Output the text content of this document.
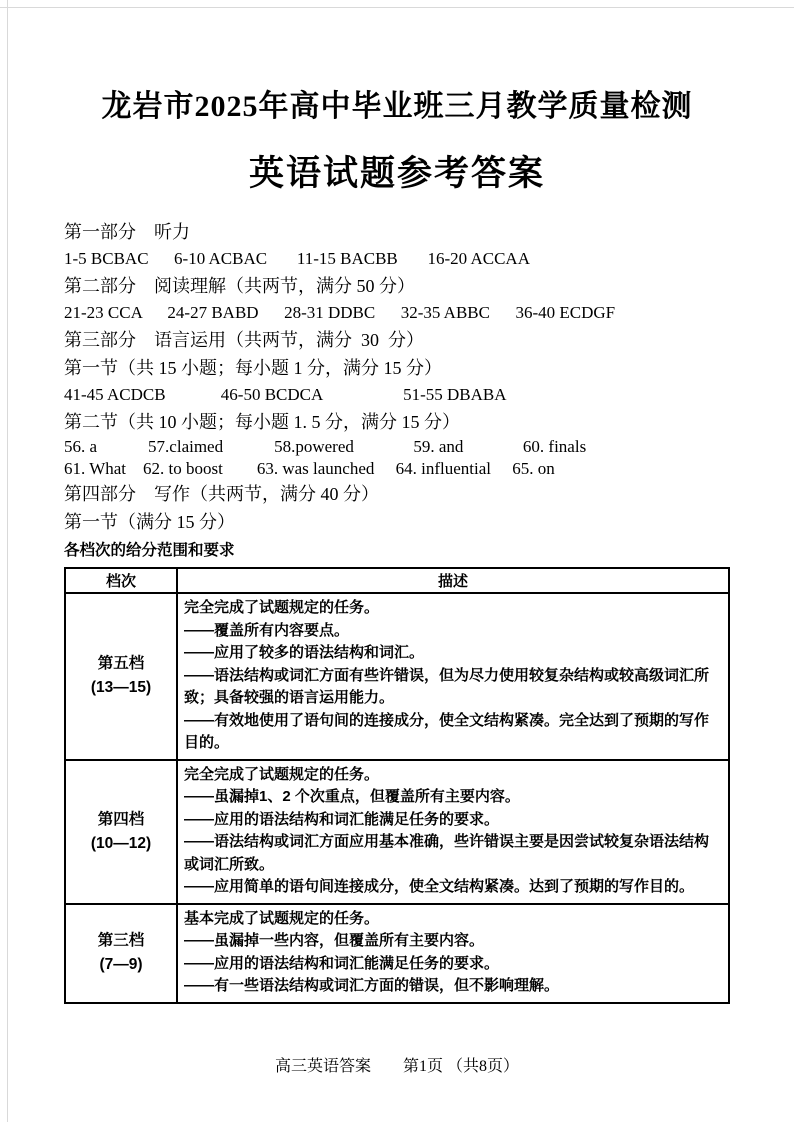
龙岩市2025年高中毕业班三月教学质量检测
英语试题参考答案
第一部分　听力
1-5 BCBAC      6-10 ACBAC       11-15 BACBB       16-20 ACCAA
第二部分　阅读理解（共两节，满分 50 分）
21-23 CCA      24-27 BABD      28-31 DDBC      32-35 ABBC      36-40 ECDGF
第三部分　语言运用（共两节，满分  30  分）
第一节（共 15 小题；每小题 1 分，满分 15 分）
41-45 ACDCB             46-50 BCDCA                   51-55 DBABA
第二节（共 10 小题；每小题 1. 5 分，满分 15 分）
56. a            57.claimed            58.powered              59. and              60. finals
61. What    62. to boost        63. was launched     64. influential     65. on
第四部分　写作（共两节，满分 40 分）
第一节（满分 15 分）
各档次的给分范围和要求
档次	描述

第五档
(13—15)

完全完成了试题规定的任务。
——覆盖所有内容要点。
——应用了较多的语法结构和词汇。
——语法结构或词汇方面有些许错误，但为尽力使用较复杂结构或较高级词汇所致；具备较强的语言运用能力。
——有效地使用了语句间的连接成分，使全文结构紧凑。完全达到了预期的写作目的。

第四档
(10—12)

完全完成了试题规定的任务。
——虽漏掉1、2 个次重点，但覆盖所有主要内容。
——应用的语法结构和词汇能满足任务的要求。
——语法结构或词汇方面应用基本准确，些许错误主要是因尝试较复杂语法结构或词汇所致。
——应用简单的语句间连接成分，使全文结构紧凑。达到了预期的写作目的。

第三档
(7—9)

基本完成了试题规定的任务。
——虽漏掉一些内容，但覆盖所有主要内容。
——应用的语法结构和词汇能满足任务的要求。
——有一些语法结构或词汇方面的错误，但不影响理解。
高三英语答案　　第1页 （共8页）
